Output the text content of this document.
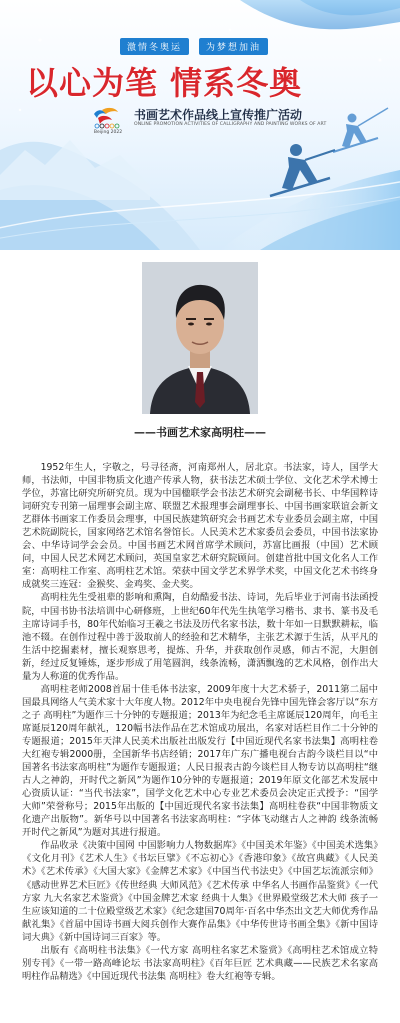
激情冬奥运	为梦想加油
以心为笔 情系冬奥
Beijing 2022
书画艺术作品线上宣传推广活动
ONLINE PROMOTION ACTIVITIES OF CALLIGRAPHY AND PAINTING WORKS OF ART
——书画艺术家高明柱——

1952年生人，字敬之，号寻径斋，河南郑州人，居北京。书法家，诗人，国学大师，书法师，中国非物质文化遗产传承人物，获书法艺术硕士学位、文化艺术学术博士学位，苏富比研究所研究员。现为中国楹联学会书法艺术研究会副秘书长、中华国粹诗词研究专刊第一届理事会副主席、联盟艺术报理事会副理事长、中国书画家联谊会新文艺群体书画家工作委员会理事，中国民族建筑研究会书画艺术专业委员会副主席，中国艺术院副院长，国家网络艺术馆名誉馆长。人民美术艺术家委员会委员，中国书法家协会、中华诗词学会会员。中国书画艺术网首席学术顾问，苏富比画报（中国）艺术顾问，中国人民艺术网艺术顾问，英国皇家艺术研究院顾问。创建首批中国文化名人工作室：高明柱工作室、高明柱艺术馆。荣获中国文学艺术界学术奖，中国文化艺术书终身成就奖三连冠：金猴奖、金鸡奖、金犬奖。

高明柱先生受祖辈的影响和熏陶，自幼酷爱书法、诗词，先后毕业于河南书法函授院，中国书协书法培训中心研修班，上世纪60年代先生执笔学习楷书、隶书、篆书及毛主席诗词手书，80年代始临习王羲之书法及历代名家书法，数十年如一日默默耕耘，临池不辍。在创作过程中善于汲取前人的经验和艺术精华，主张艺术源于生活，从平凡的生活中挖掘素材，擅长观察思考，提炼、升华，并获取创作灵感，师古不泥，大胆创新，经过反复锤炼，逐步形成了用笔圆润，线条流畅，潇洒飘逸的艺术风格，创作出大量为人称道的优秀作品。

高明柱老师2008首届十佳毛体书法家，2009年度十大艺术骄子，2011第二届中国最具网络人气美术家十大年度人物。2012年中央电视台先锋中国先锋会客厅以“东方之子 高明柱”为题作三十分钟的专题报道；2013年为纪念毛主席诞辰120周年，向毛主席诞辰120周年献礼，120幅书法作品在艺术馆成功展出，名家对话栏目作二十分钟的专题报道；2015年天津人民美术出版社出版发行【中国近现代名家书法集】高明柱卷大红袍专辑2000册，全国新华书店经销；2017年广东广播电视台古韵今谈栏目以“中国著名书法家高明柱”为题作专题报道；人民日报表古韵今谈栏目人物专访以高明柱“继古人之神韵，开时代之新风”为题作10分钟的专题报道；2019年原文化部艺术发展中心资质认证：“当代书法家”，国学文化艺术中心专业艺术委员会决定正式授予：“国学大师”荣誉称号；2015年出版的【中国近现代名家书法集】高明柱卷获“中国非物质文化遗产出版物”。新华号以中国著名书法家高明柱：“字体飞动继古人之神韵 线条流畅开时代之新风”为题对其进行报道。

作品收录《决策中国网 中国影响力人物数据库》《中国美术年鉴》《中国美术选集》《文化月刊》《艺术人生》《书坛巨擘》《不忘初心》《香港印象》《故宫典藏》《人民美术》《艺术传承》《大国大家》《金牌艺术家》《中国当代书法史》《中国艺坛流派宗师》《感动世界艺术巨匠》《传世经典 大师风范》《艺术传承 中华名人书画作品鉴赏》《一代方家 九大名家艺术鉴赏》《中国金牌艺术家 经典十人集》《世界殿堂级艺术大师 孩子一生应该知道的二十位殿堂级艺术家》《纪念建国70周年·百名中华杰出文艺大师优秀作品献礼集》《首届中国诗书画大阅兵创作大赛作品集》《中华传世诗书画全集》《新中国诗词大典》《新中国诗词三百家》等。

出版有《高明柱书法集》《一代方家 高明柱名家艺术鉴赏》《高明柱艺术馆成立特别专刊》《一带一路高峰论坛 书法家高明柱》《百年巨匠 艺术典藏——民族艺术名家高明柱作品精选》《中国近现代书法集 高明柱》卷大红袍等专辑。
